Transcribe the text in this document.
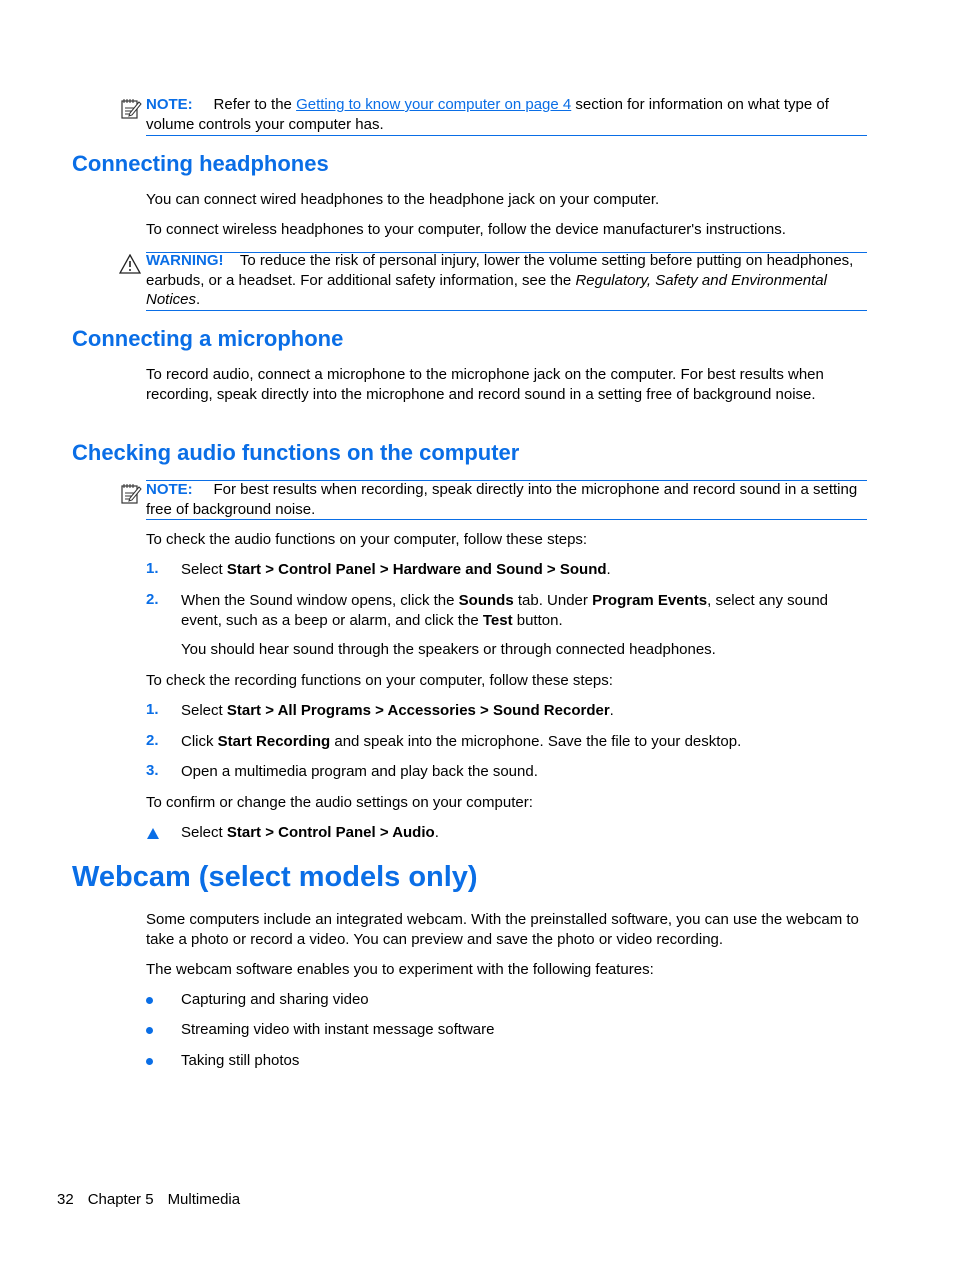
NOTE: Refer to the Getting to know your computer on page 4 section for information on what type of volume controls your computer has.
Connecting headphones
You can connect wired headphones to the headphone jack on your computer.
To connect wireless headphones to your computer, follow the device manufacturer's instructions.
WARNING! To reduce the risk of personal injury, lower the volume setting before putting on headphones, earbuds, or a headset. For additional safety information, see the Regulatory, Safety and Environmental Notices.
Connecting a microphone
To record audio, connect a microphone to the microphone jack on the computer. For best results when recording, speak directly into the microphone and record sound in a setting free of background noise.
Checking audio functions on the computer
NOTE: For best results when recording, speak directly into the microphone and record sound in a setting free of background noise.
To check the audio functions on your computer, follow these steps:
1. Select Start > Control Panel > Hardware and Sound > Sound.
2. When the Sound window opens, click the Sounds tab. Under Program Events, select any sound event, such as a beep or alarm, and click the Test button.
You should hear sound through the speakers or through connected headphones.
To check the recording functions on your computer, follow these steps:
1. Select Start > All Programs > Accessories > Sound Recorder.
2. Click Start Recording and speak into the microphone. Save the file to your desktop.
3. Open a multimedia program and play back the sound.
To confirm or change the audio settings on your computer:
Select Start > Control Panel > Audio.
Webcam (select models only)
Some computers include an integrated webcam. With the preinstalled software, you can use the webcam to take a photo or record a video. You can preview and save the photo or video recording.
The webcam software enables you to experiment with the following features:
Capturing and sharing video
Streaming video with instant message software
Taking still photos
32 Chapter 5 Multimedia
